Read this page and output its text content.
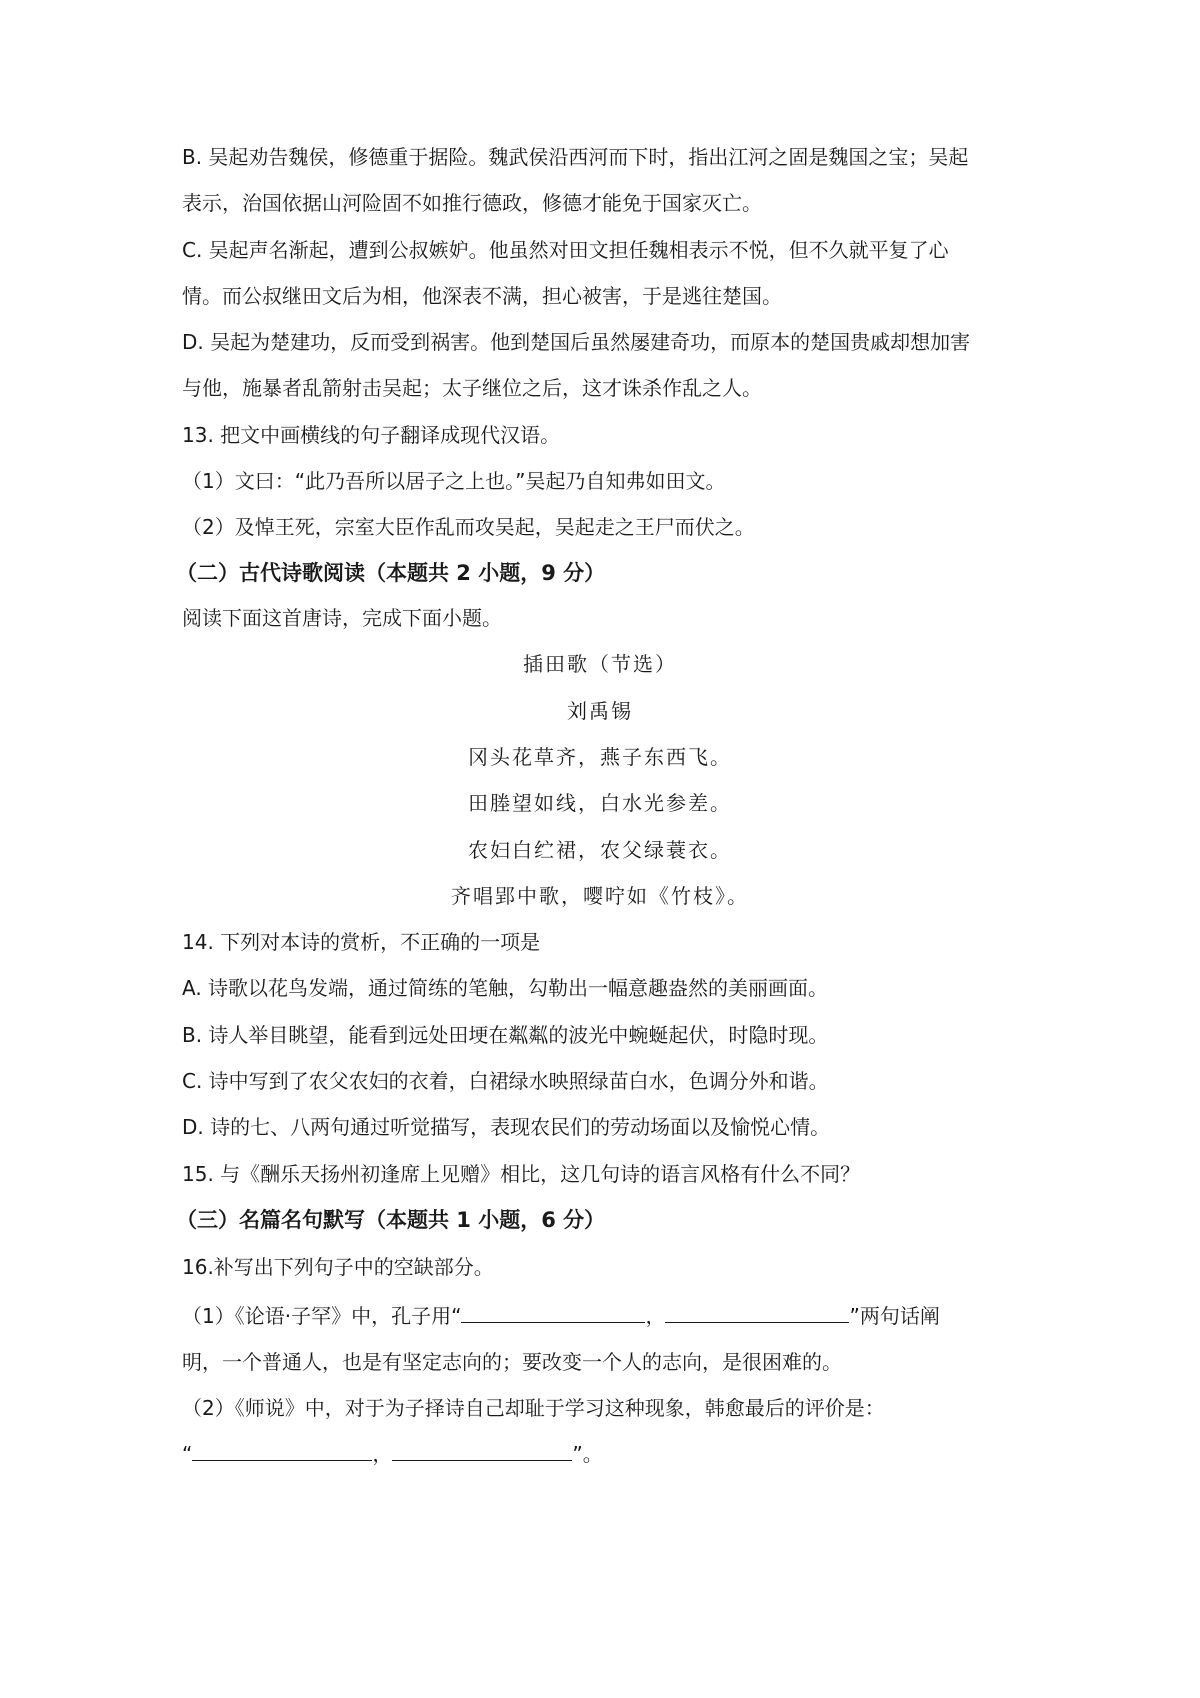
B. 吴起劝告魏侯，修德重于据险。魏武侯沿西河而下时，指出江河之固是魏国之宝；吴起
表示，治国依据山河险固不如推行德政，修德才能免于国家灭亡。
C. 吴起声名渐起，遭到公叔嫉妒。他虽然对田文担任魏相表示不悦，但不久就平复了心
情。而公叔继田文后为相，他深表不满，担心被害，于是逃往楚国。
D. 吴起为楚建功，反而受到祸害。他到楚国后虽然屡建奇功，而原本的楚国贵戚却想加害
与他，施暴者乱箭射击吴起；太子继位之后，这才诛杀作乱之人。
13. 把文中画横线的句子翻译成现代汉语。
（1）文曰：“此乃吾所以居子之上也。”吴起乃自知弗如田文。
（2）及悼王死，宗室大臣作乱而攻吴起，吴起走之王尸而伏之。
（二）古代诗歌阅读（本题共 2 小题，9 分）
阅读下面这首唐诗，完成下面小题。
插田歌（节选）
刘禹锡
冈头花草齐，燕子东西飞。
田塍望如线，白水光参差。
农妇白纻裙，农父绿蓑衣。
齐唱郢中歌，嘤咛如《竹枝》。
14. 下列对本诗的赏析，不正确的一项是
A. 诗歌以花鸟发端，通过简练的笔触，勾勒出一幅意趣盎然的美丽画面。
B. 诗人举目眺望，能看到远处田埂在粼粼的波光中蜿蜒起伏，时隐时现。
C. 诗中写到了农父农妇的衣着，白裙绿水映照绿苗白水，色调分外和谐。
D. 诗的七、八两句通过听觉描写，表现农民们的劳动场面以及愉悦心情。
15. 与《酬乐天扬州初逢席上见赠》相比，这几句诗的语言风格有什么不同？
（三）名篇名句默写（本题共 1 小题，6 分）
16.补写出下列句子中的空缺部分。
（1）《论语·子罕》中，孔子用“	，	”两句话阐
明，一个普通人，也是有坚定志向的；要改变一个人的志向，是很困难的。
（2）《师说》中，对于为子择诗自己却耻于学习这种现象，韩愈最后的评价是：
“	，	”。
